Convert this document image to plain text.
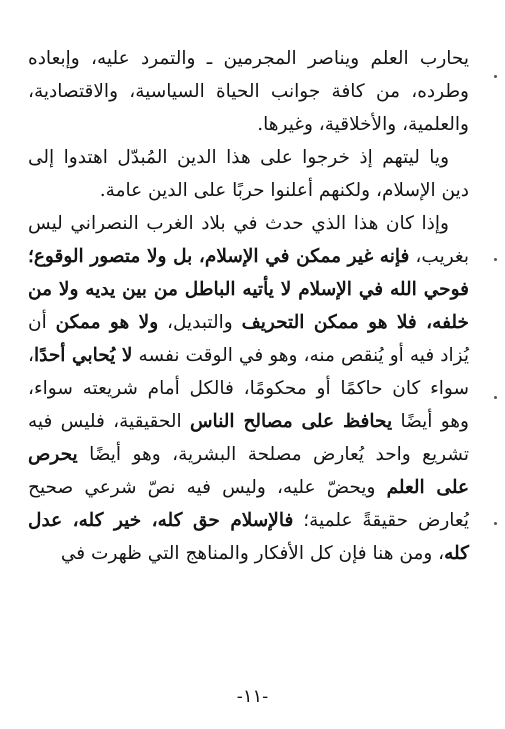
يحارب العلم ويناصر المجرمين ـ والتمرد عليه، وإبعاده وطرده، من كافة جوانب الحياة السياسية، والاقتصادية، والعلمية، والأخلاقية، وغيرها.

ويا ليتهم إذ خرجوا على هذا الدين المُبدّل اهتدوا إلى دين الإسلام، ولكنهم أعلنوا حربًا على الدين عامة.

وإذا كان هذا الذي حدث في بلاد الغرب النصراني ليس بغريب، فإنه غير ممكن في الإسلام، بل ولا متصور الوقوع؛ فوحي الله في الإسلام لا يأتيه الباطل من بين يديه ولا من خلفه، فلا هو ممكن التحريف والتبديل، ولا هو ممكن أن يُزاد فيه أو يُنقص منه، وهو في الوقت نفسه لا يُحابي أحدًا، سواء كان حاكمًا أو محكومًا، فالكل أمام شريعته سواء، وهو أيضًا يحافظ على مصالح الناس الحقيقية، فليس فيه تشريع واحد يُعارض مصلحة البشرية، وهو أيضًا يحرص على العلم ويحضّ عليه، وليس فيه نصّ شرعي صحيح يُعارض حقيقةً علمية؛ فالإسلام حق كله، خير كله، عدل كله، ومن هنا فإن كل الأفكار والمناهج التي ظهرت في

-١١-
